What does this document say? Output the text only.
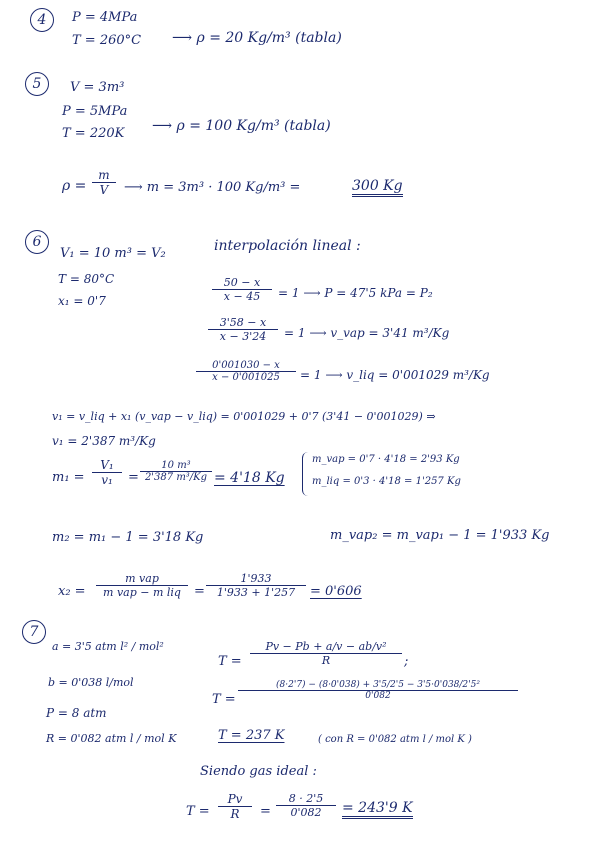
4	P = 4MPa
T = 260°C ⟶ ρ = 20 Kg/m³ (tabla)
5	V = 3m³
P = 5MPa
T = 220K ⟶ ρ = 100 Kg/m³ (tabla)
$\rho = \frac{m}{V}$ ⟶ m = 3m³ · 100 Kg/m³ =	300 Kg
6
V₁ = 10 m³ = V₂
T = 80°C
x₁ = 0'7
interpolación lineal :
$\frac{50 - x}{x - 45} = 1$ ⟶ P = 47'5 kPa = P₂
$\frac{3'58 - x}{x - 3'24} = 1$ ⟶ v_vap = 3'41 m³/Kg
$\frac{0'001030 - x}{x - 0'001025} = 1$ ⟶ v_liq = 0'001029 m³/Kg
v₁ = v_liq + x₁ (v_vap − v_liq) = 0'001029 + 0'7 (3'41 − 0'001029) ⇒
v₁ = 2'387 m³/Kg
$m_1 = \frac{\text{V₁}}{\text{v₁}} = \frac{\text{10 m³}}{\text{2'387 m³/Kg}} = 4'18$ Kg
m_vap = 0'7 · 4'18 = 2'93 Kg
m_liq = 0'3 · 4'18 = 1'257 Kg
m₂ = m₁ − 1 = 3'18 Kg	m_vap₂ = m_vap₁ − 1 = 1'933 Kg
x₂ =
m vap
m vap − m liq	= $\frac{1'933}{1'933 + 1'257} = 0'606$
7
a = 3'5 atm l² / mol²
b = 0'038 l/mol
P = 8 atm
R = 0'082 atm l / mol K
$T = \frac{\text{Pv − Pb + a/v − ab/v²}}{R}$ ;
$T = \frac{\text{(8·2'7) − (8·0'038) + 3'5/2'5 − 3'5·0'038/2'5²}}{0'082}$
T = 237 K	( con R = 0'082 atm l / mol K )
Siendo gas ideal :
$T = \frac{Pv}{R} = \frac{8 \cdot 2'5}{0'082} = 243'9$ K
